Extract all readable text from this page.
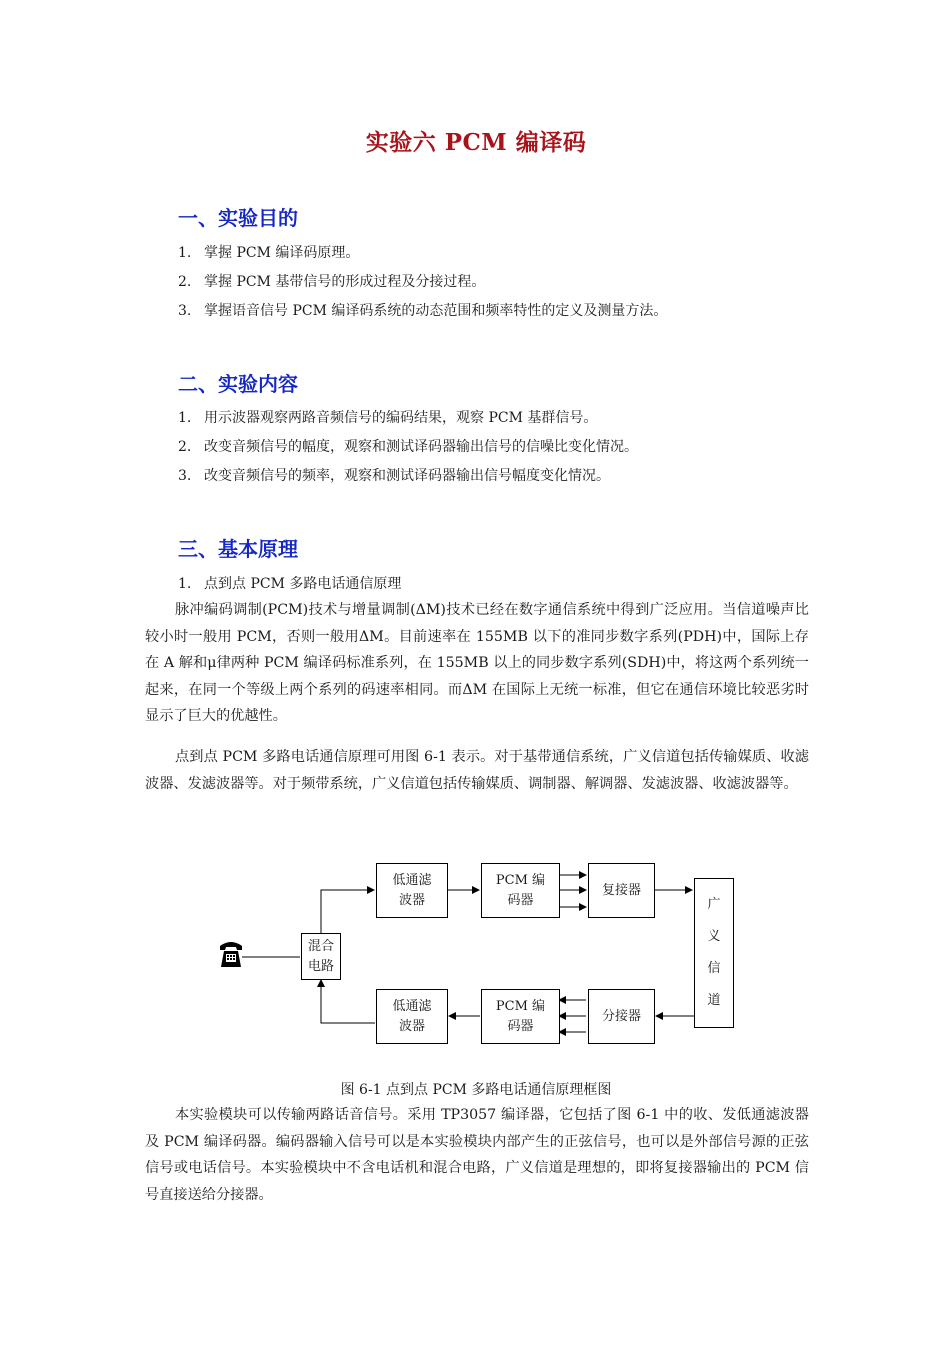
实验六 PCM 编译码
一、实验目的
1. 掌握 PCM 编译码原理。
2. 掌握 PCM 基带信号的形成过程及分接过程。
3. 掌握语音信号 PCM 编译码系统的动态范围和频率特性的定义及测量方法。
二、实验内容
1. 用示波器观察两路音频信号的编码结果，观察 PCM 基群信号。
2. 改变音频信号的幅度，观察和测试译码器输出信号的信噪比变化情况。
3. 改变音频信号的频率，观察和测试译码器输出信号幅度变化情况。
三、基本原理
1. 点到点 PCM 多路电话通信原理
脉冲编码调制(PCM)技术与增量调制(ΔM)技术已经在数字通信系统中得到广泛应用。当信道噪声比较小时一般用 PCM，否则一般用ΔM。目前速率在 155MB 以下的准同步数字系列(PDH)中，国际上存在 A 解和μ律两种 PCM 编译码标准系列，在 155MB 以上的同步数字系列(SDH)中，将这两个系列统一起来，在同一个等级上两个系列的码速率相同。而ΔM 在国际上无统一标准，但它在通信环境比较恶劣时显示了巨大的优越性。
点到点 PCM 多路电话通信原理可用图 6-1 表示。对于基带通信系统，广义信道包括传输媒质、收滤波器、发滤波器等。对于频带系统，广义信道包括传输媒质、调制器、解调器、发滤波器、收滤波器等。
混合
电路
低通滤
波器
PCM 编
码器
复接器
广
义
信
道
分接器
PCM 编
码器
低通滤
波器
图 6-1 点到点 PCM 多路电话通信原理框图
本实验模块可以传输两路话音信号。采用 TP3057 编译器，它包括了图 6-1 中的收、发低通滤波器及 PCM 编译码器。编码器输入信号可以是本实验模块内部产生的正弦信号，也可以是外部信号源的正弦信号或电话信号。本实验模块中不含电话机和混合电路，广义信道是理想的，即将复接器输出的 PCM 信号直接送给分接器。
